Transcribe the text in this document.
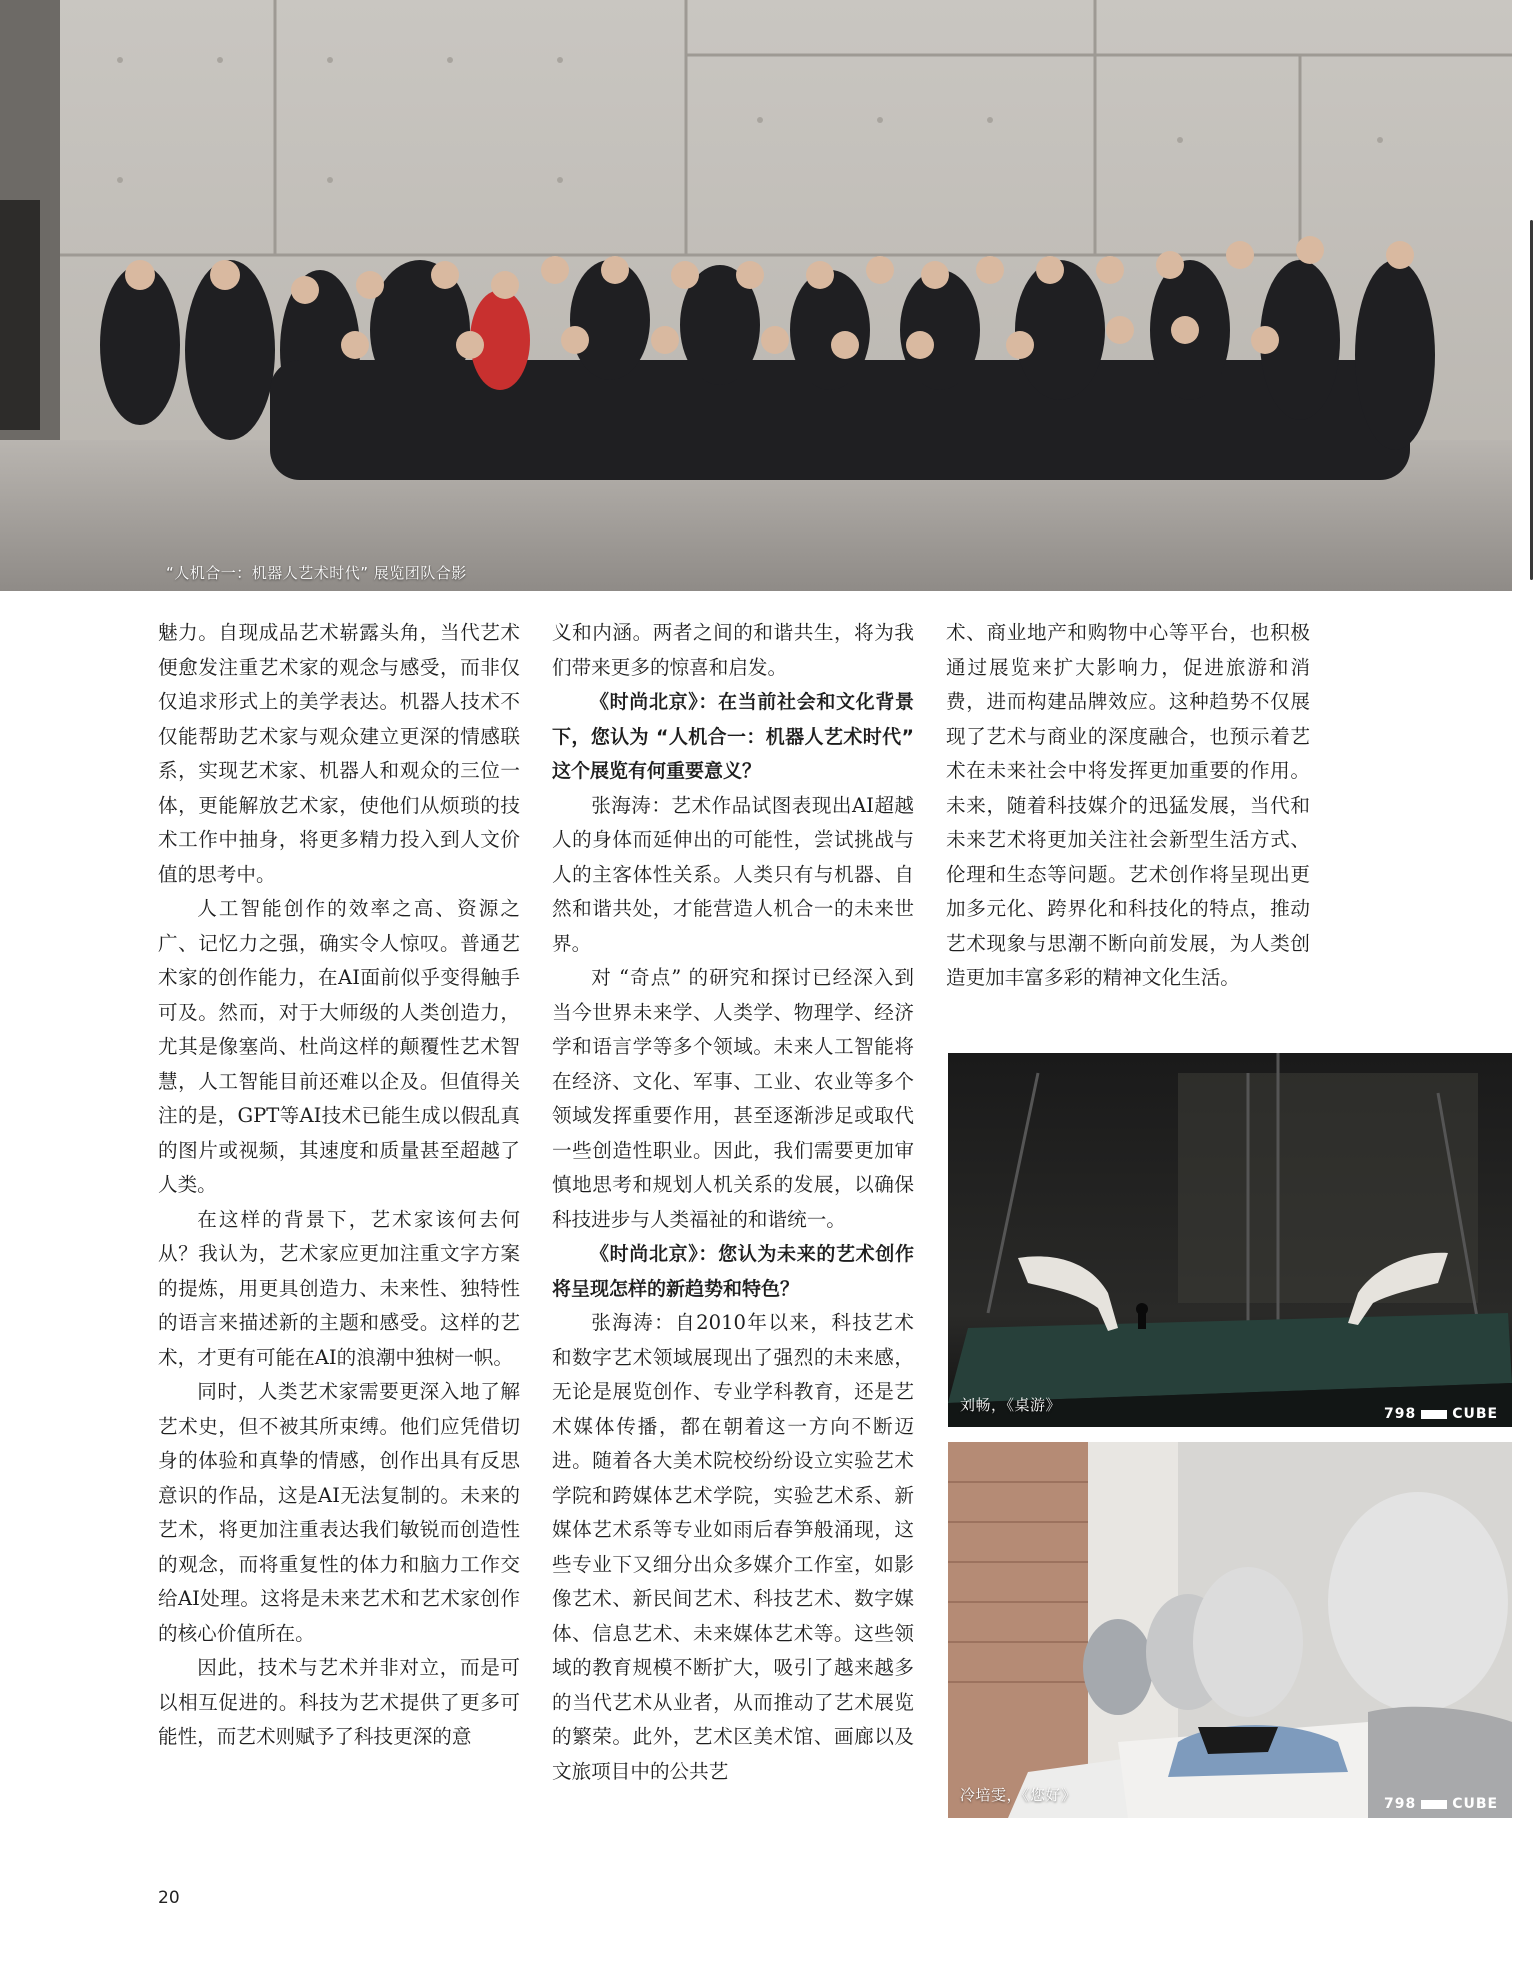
“人机合一：机器人艺术时代” 展览团队合影
刘畅，《桌游》	798	CUBE
冷培雯，《您好》	798	CUBE

魅力。自现成品艺术崭露头角，当代艺术便愈发注重艺术家的观念与感受，而非仅仅追求形式上的美学表达。机器人技术不仅能帮助艺术家与观众建立更深的情感联系，实现艺术家、机器人和观众的三位一体，更能解放艺术家，使他们从烦琐的技术工作中抽身，将更多精力投入到人文价值的思考中。

人工智能创作的效率之高、资源之广、记忆力之强，确实令人惊叹。普通艺术家的创作能力，在AI面前似乎变得触手可及。然而，对于大师级的人类创造力，尤其是像塞尚、杜尚这样的颠覆性艺术智慧，人工智能目前还难以企及。但值得关注的是，GPT等AI技术已能生成以假乱真的图片或视频，其速度和质量甚至超越了人类。

在这样的背景下，艺术家该何去何从？我认为，艺术家应更加注重文字方案的提炼，用更具创造力、未来性、独特性的语言来描述新的主题和感受。这样的艺术，才更有可能在AI的浪潮中独树一帜。

同时，人类艺术家需要更深入地了解艺术史，但不被其所束缚。他们应凭借切身的体验和真挚的情感，创作出具有反思意识的作品，这是AI无法复制的。未来的艺术，将更加注重表达我们敏锐而创造性的观念，而将重复性的体力和脑力工作交给AI处理。这将是未来艺术和艺术家创作的核心价值所在。

因此，技术与艺术并非对立，而是可以相互促进的。科技为艺术提供了更多可能性，而艺术则赋予了科技更深的意

义和内涵。两者之间的和谐共生，将为我们带来更多的惊喜和启发。

《时尚北京》：在当前社会和文化背景下，您认为 “人机合一：机器人艺术时代” 这个展览有何重要意义？

张海涛：艺术作品试图表现出AI超越人的身体而延伸出的可能性，尝试挑战与人的主客体性关系。人类只有与机器、自然和谐共处，才能营造人机合一的未来世界。

对 “奇点” 的研究和探讨已经深入到当今世界未来学、人类学、物理学、经济学和语言学等多个领域。未来人工智能将在经济、文化、军事、工业、农业等多个领域发挥重要作用，甚至逐渐涉足或取代一些创造性职业。因此，我们需要更加审慎地思考和规划人机关系的发展，以确保科技进步与人类福祉的和谐统一。

《时尚北京》：您认为未来的艺术创作将呈现怎样的新趋势和特色？

张海涛：自2010年以来，科技艺术和数字艺术领域展现出了强烈的未来感，无论是展览创作、专业学科教育，还是艺术媒体传播，都在朝着这一方向不断迈进。随着各大美术院校纷纷设立实验艺术学院和跨媒体艺术学院，实验艺术系、新媒体艺术系等专业如雨后春笋般涌现，这些专业下又细分出众多媒介工作室，如影像艺术、新民间艺术、科技艺术、数字媒体、信息艺术、未来媒体艺术等。这些领域的教育规模不断扩大，吸引了越来越多的当代艺术从业者，从而推动了艺术展览的繁荣。此外，艺术区美术馆、画廊以及文旅项目中的公共艺

术、商业地产和购物中心等平台，也积极通过展览来扩大影响力，促进旅游和消费，进而构建品牌效应。这种趋势不仅展现了艺术与商业的深度融合，也预示着艺术在未来社会中将发挥更加重要的作用。未来，随着科技媒介的迅猛发展，当代和未来艺术将更加关注社会新型生活方式、伦理和生态等问题。艺术创作将呈现出更加多元化、跨界化和科技化的特点，推动艺术现象与思潮不断向前发展，为人类创造更加丰富多彩的精神文化生活。

20
